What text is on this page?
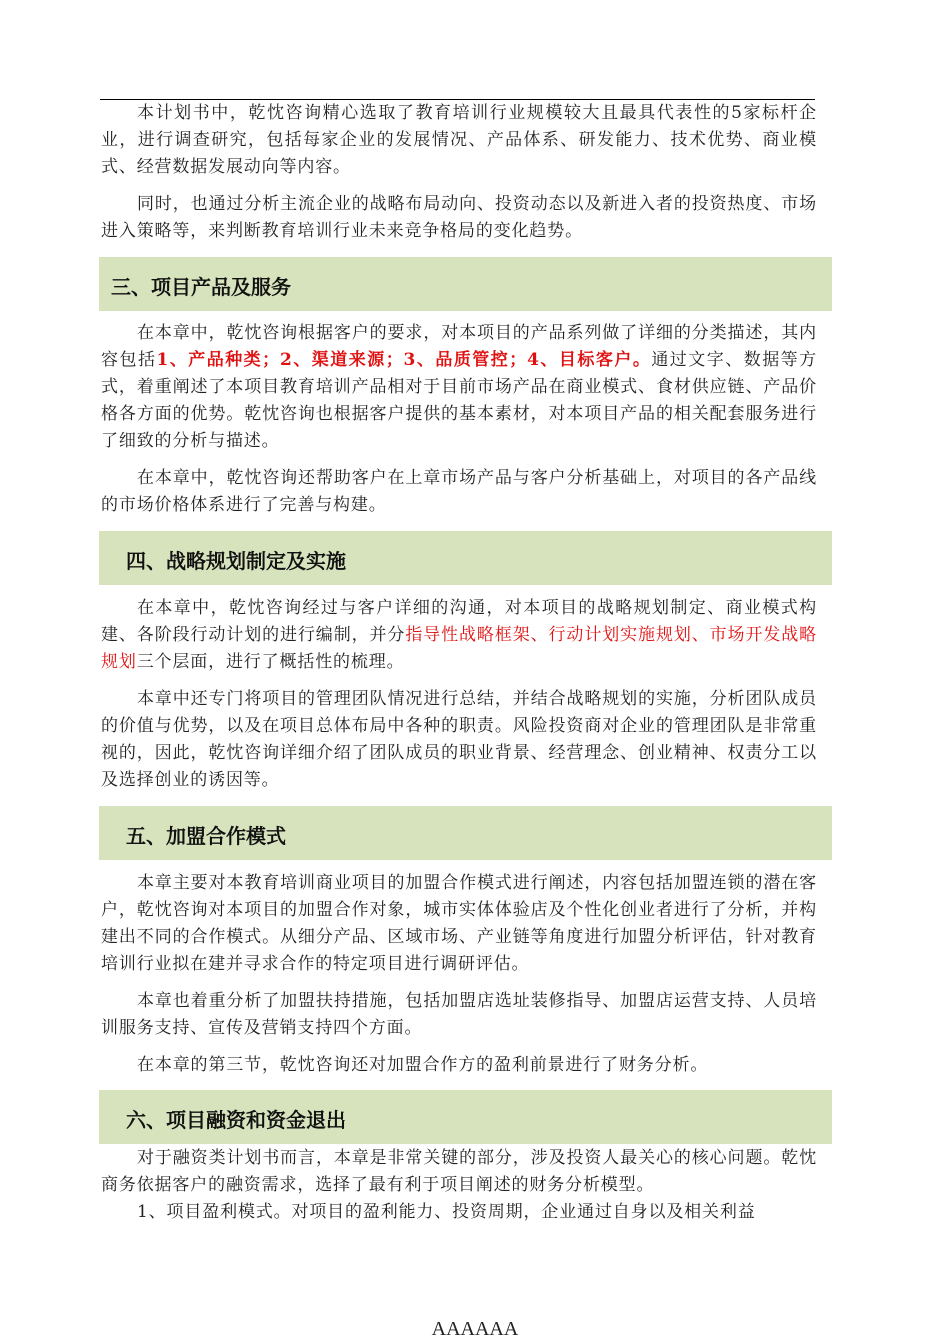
本计划书中，乾忱咨询精心选取了教育培训行业规模较大且最具代表性的5家标杆企业，进行调查研究，包括每家企业的发展情况、产品体系、研发能力、技术优势、商业模式、经营数据发展动向等内容。

同时，也通过分析主流企业的战略布局动向、投资动态以及新进入者的投资热度、市场进入策略等，来判断教育培训行业未来竞争格局的变化趋势。

三、项目产品及服务

在本章中，乾忱咨询根据客户的要求，对本项目的产品系列做了详细的分类描述，其内容包括1、产品种类；2、渠道来源；3、品质管控；4、目标客户。通过文字、数据等方式，着重阐述了本项目教育培训产品相对于目前市场产品在商业模式、食材供应链、产品价格各方面的优势。乾忱咨询也根据客户提供的基本素材，对本项目产品的相关配套服务进行了细致的分析与描述。

在本章中，乾忱咨询还帮助客户在上章市场产品与客户分析基础上，对项目的各产品线的市场价格体系进行了完善与构建。

四、战略规划制定及实施

在本章中，乾忱咨询经过与客户详细的沟通，对本项目的战略规划制定、商业模式构建、各阶段行动计划的进行编制，并分指导性战略框架、行动计划实施规划、市场开发战略规划三个层面，进行了概括性的梳理。

本章中还专门将项目的管理团队情况进行总结，并结合战略规划的实施，分析团队成员的价值与优势，以及在项目总体布局中各种的职责。风险投资商对企业的管理团队是非常重视的，因此，乾忱咨询详细介绍了团队成员的职业背景、经营理念、创业精神、权责分工以及选择创业的诱因等。

五、加盟合作模式

本章主要对本教育培训商业项目的加盟合作模式进行阐述，内容包括加盟连锁的潜在客户，乾忱咨询对本项目的加盟合作对象，城市实体体验店及个性化创业者进行了分析，并构建出不同的合作模式。从细分产品、区域市场、产业链等角度进行加盟分析评估，针对教育培训行业拟在建并寻求合作的特定项目进行调研评估。

本章也着重分析了加盟扶持措施，包括加盟店选址装修指导、加盟店运营支持、人员培训服务支持、宣传及营销支持四个方面。

在本章的第三节，乾忱咨询还对加盟合作方的盈利前景进行了财务分析。

六、项目融资和资金退出

对于融资类计划书而言，本章是非常关键的部分，涉及投资人最关心的核心问题。乾忱商务依据客户的融资需求，选择了最有利于项目阐述的财务分析模型。

1、项目盈利模式。对项目的盈利能力、投资周期，企业通过自身以及相关利益

AAAAAA
